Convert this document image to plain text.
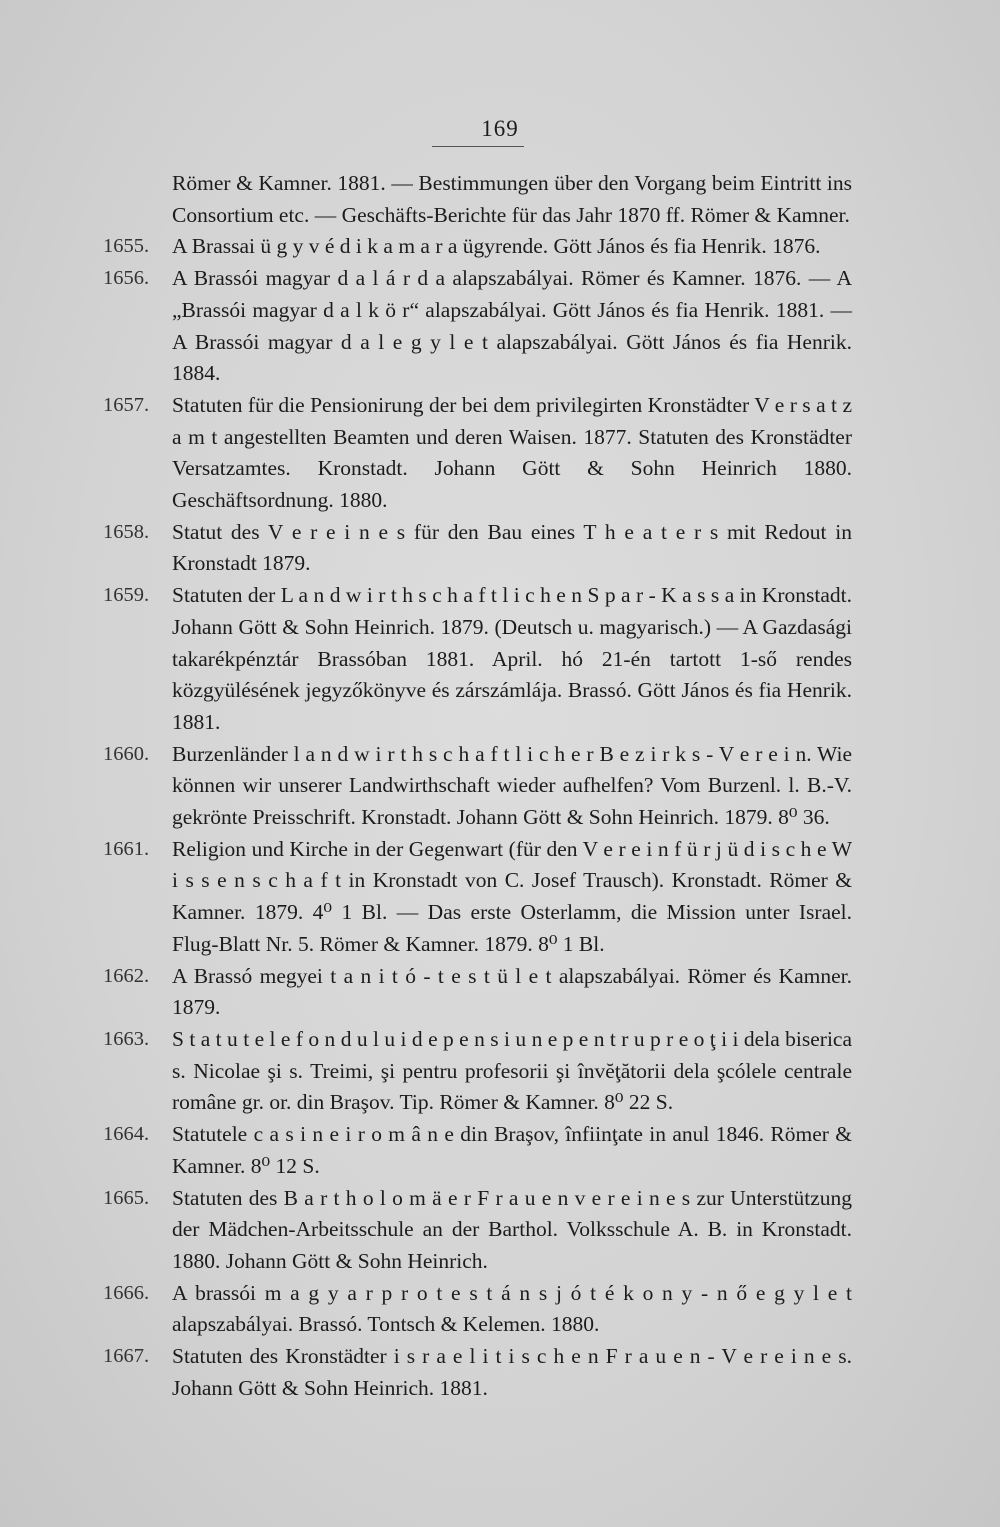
169
Römer & Kamner. 1881. — Bestimmungen über den Vorgang beim Eintritt ins Consortium etc. — Geschäfts-Berichte für das Jahr 1870 ff. Römer & Kamner.
1655.	A Brassai ü g y v é d i k a m a r a ügyrende. Gött János és fia Henrik. 1876.
1656.	A Brassói magyar d a l á r d a alapszabályai. Römer és Kamner. 1876. — A „Brassói magyar d a l k ö r“ alapszabályai. Gött János és fia Henrik. 1881. — A Brassói magyar d a l e g y l e t alapszabályai. Gött János és fia Henrik. 1884.
1657.	Statuten für die Pensionirung der bei dem privilegirten Kronstädter V e r s a t z a m t angestellten Beamten und deren Waisen. 1877. Statuten des Kronstädter Versatzamtes. Kronstadt. Johann Gött & Sohn Heinrich 1880. Geschäftsordnung. 1880.
1658.	Statut des V e r e i n e s für den Bau eines T h e a t e r s mit Redout in Kronstadt 1879.
1659.	Statuten der L a n d w i r t h s c h a f t l i c h e n S p a r - K a s s a in Kronstadt. Johann Gött & Sohn Heinrich. 1879. (Deutsch u. magyarisch.) — A Gazdasági takarékpénztár Brassóban 1881. April. hó 21-én tartott 1-ső rendes közgyülésének jegyzőkönyve és zárszámlája. Brassó. Gött János és fia Henrik. 1881.
1660.	Burzenländer l a n d w i r t h s c h a f t l i c h e r B e z i r k s - V e r e i n. Wie können wir unserer Landwirthschaft wieder aufhelfen? Vom Burzenl. l. B.-V. gekrönte Preisschrift. Kronstadt. Johann Gött & Sohn Heinrich. 1879. 8⁰ 36.
1661.	Religion und Kirche in der Gegenwart (für den V e r e i n f ü r j ü d i s c h e W i s s e n s c h a f t in Kronstadt von C. Josef Trausch). Kronstadt. Römer & Kamner. 1879. 4⁰ 1 Bl. — Das erste Osterlamm, die Mission unter Israel. Flug-Blatt Nr. 5. Römer & Kamner. 1879. 8⁰ 1 Bl.
1662.	A Brassó megyei t a n i t ó - t e s t ü l e t alapszabályai. Römer és Kamner. 1879.
1663.	S t a t u t e l e f o n d u l u i d e p e n s i u n e p e n t r u p r e o ţ i i dela biserica s. Nicolae şi s. Treimi, şi pentru profesorii şi învĕţătorii dela şcólele centrale române gr. or. din Braşov. Tip. Römer & Kamner. 8⁰ 22 S.
1664.	Statutele c a s i n e i r o m â n e din Braşov, înfiinţate in anul 1846. Römer & Kamner. 8⁰ 12 S.
1665.	Statuten des B a r t h o l o m ä e r F r a u e n v e r e i n e s zur Unterstützung der Mädchen-Arbeitsschule an der Barthol. Volksschule A. B. in Kronstadt. 1880. Johann Gött & Sohn Heinrich.
1666.	A brassói m a g y a r p r o t e s t á n s j ó t é k o n y - n ő e g y l e t alapszabályai. Brassó. Tontsch & Kelemen. 1880.
1667.	Statuten des Kronstädter i s r a e l i t i s c h e n F r a u e n - V e r e i n e s. Johann Gött & Sohn Heinrich. 1881.
